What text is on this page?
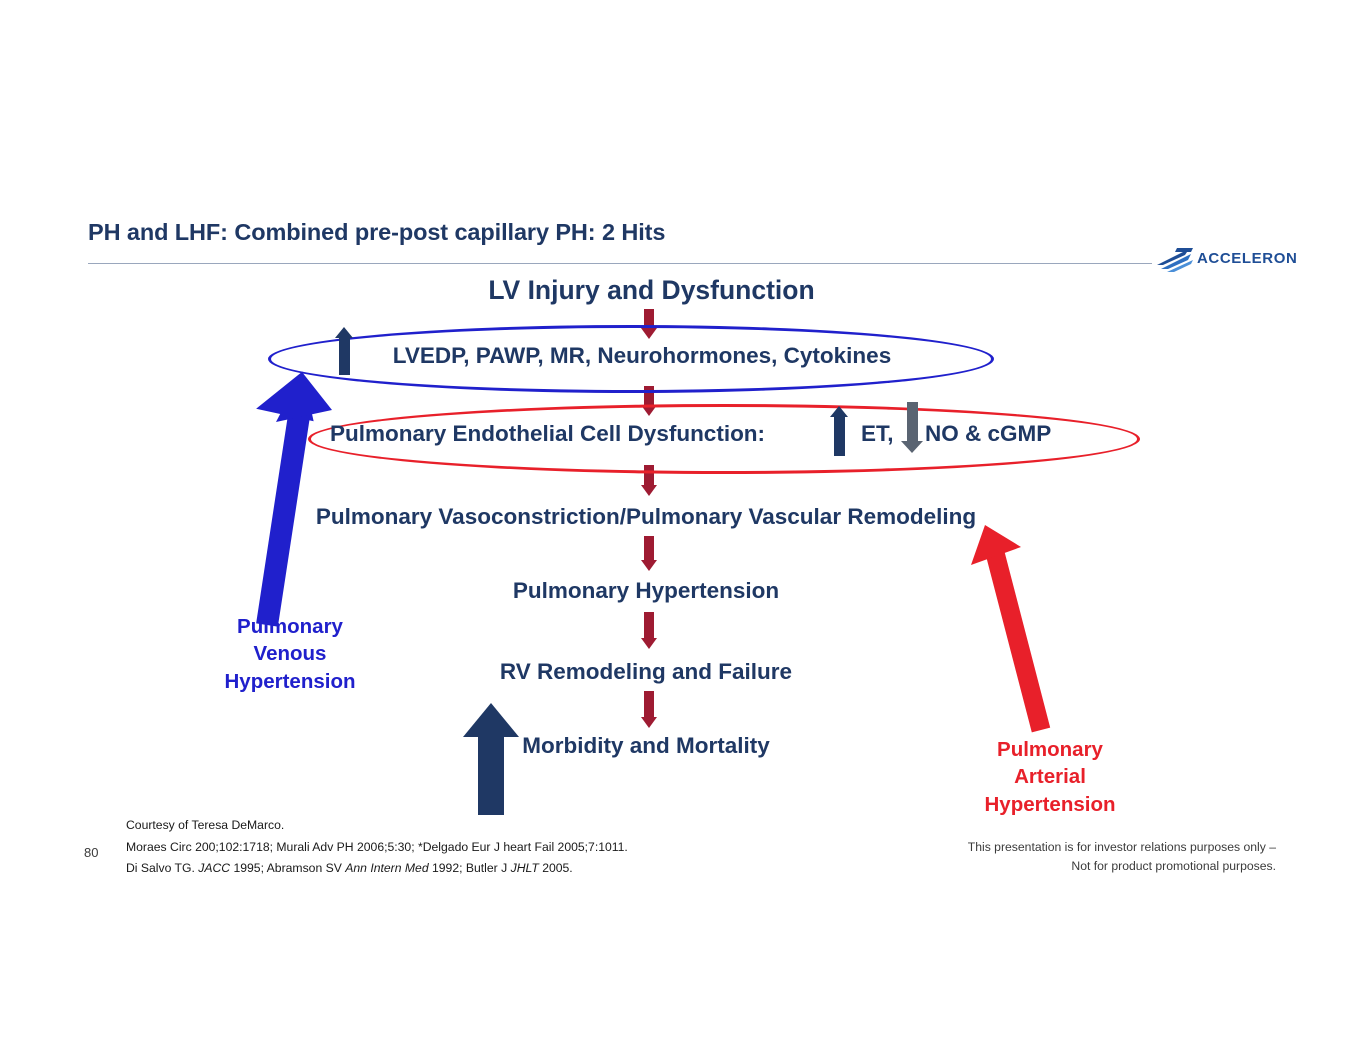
PH and LHF: Combined pre-post capillary PH: 2 Hits
ACCELERON
LV Injury and Dysfunction
LVEDP, PAWP, MR, Neurohormones, Cytokines
Pulmonary Endothelial Cell Dysfunction:	ET, NO & cGMP
Pulmonary Vasoconstriction/Pulmonary Vascular Remodeling
Pulmonary Hypertension
RV Remodeling and Failure
Morbidity and Mortality
Pulmonary Venous Hypertension
Pulmonary Arterial Hypertension
80
Courtesy of Teresa DeMarco.
Moraes Circ 200;102:1718; Murali Adv PH 2006;5:30; *Delgado Eur J heart Fail 2005;7:1011.
Di Salvo TG. JACC 1995; Abramson SV Ann Intern Med 1992; Butler J JHLT 2005.
This presentation is for investor relations purposes only –
Not for product promotional purposes.
